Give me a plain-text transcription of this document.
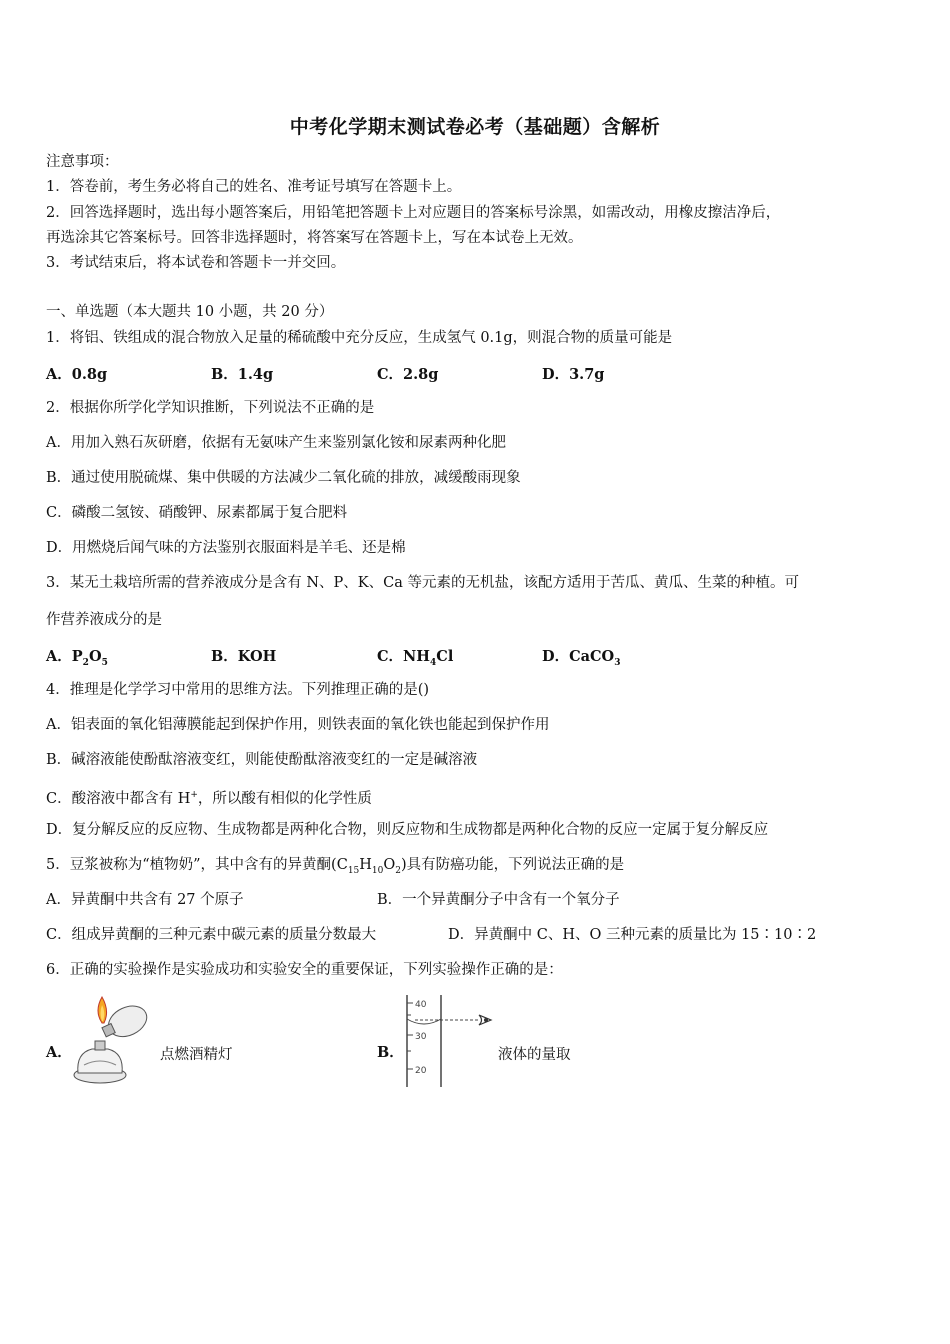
中考化学期末测试卷必考（基础题）含解析
注意事项：
1．答卷前，考生务必将自己的姓名、准考证号填写在答题卡上。
2．回答选择题时，选出每小题答案后，用铅笔把答题卡上对应题目的答案标号涂黑，如需改动，用橡皮擦洁净后，
再选涂其它答案标号。回答非选择题时，将答案写在答题卡上，写在本试卷上无效。
3．考试结束后，将本试卷和答题卡一并交回。
一、单选题（本大题共 10 小题，共 20 分）
1．将铝、铁组成的混合物放入足量的稀硫酸中充分反应，生成氢气 0.1g，则混合物的质量可能是
A．0.8g	B．1.4g	C．2.8g	D．3.7g
2．根据你所学化学知识推断，下列说法不正确的是
A．用加入熟石灰研磨，依据有无氨味产生来鉴别氯化铵和尿素两种化肥
B．通过使用脱硫煤、集中供暖的方法减少二氧化硫的排放，减缓酸雨现象
C．磷酸二氢铵、硝酸钾、尿素都属于复合肥料
D．用燃烧后闻气味的方法鉴别衣服面料是羊毛、还是棉
3．某无土栽培所需的营养液成分是含有 N、P、K、Ca 等元素的无机盐，该配方适用于苦瓜、黄瓜、生菜的种植。可
作营养液成分的是
A．$P_2O_5$	B．KOH	C．$NH_4Cl$	D．CaCO$_3$
4．推理是化学学习中常用的思维方法。下列推理正确的是()
A．铝表面的氧化铝薄膜能起到保护作用，则铁表面的氧化铁也能起到保护作用
B．碱溶液能使酚酞溶液变红，则能使酚酞溶液变红的一定是碱溶液
C．酸溶液中都含有 H+，所以酸有相似的化学性质
D．复分解反应的反应物、生成物都是两种化合物，则反应物和生成物都是两种化合物的反应一定属于复分解反应
5．豆浆被称为“植物奶”，其中含有的异黄酮$(C_{15}H_{10}O_2)$具有防癌功能，下列说法正确的是
A．异黄酮中共含有 27 个原子	B．一个异黄酮分子中含有一个氧分子
C．组成异黄酮的三种元素中碳元素的质量分数最大	D．异黄酮中 C、H、O 三种元素的质量比为 15∶10∶2
6．正确的实验操作是实验成功和实验安全的重要保证，下列实验操作正确的是：
A．	点燃酒精灯	B．
40
30
20
液体的量取
